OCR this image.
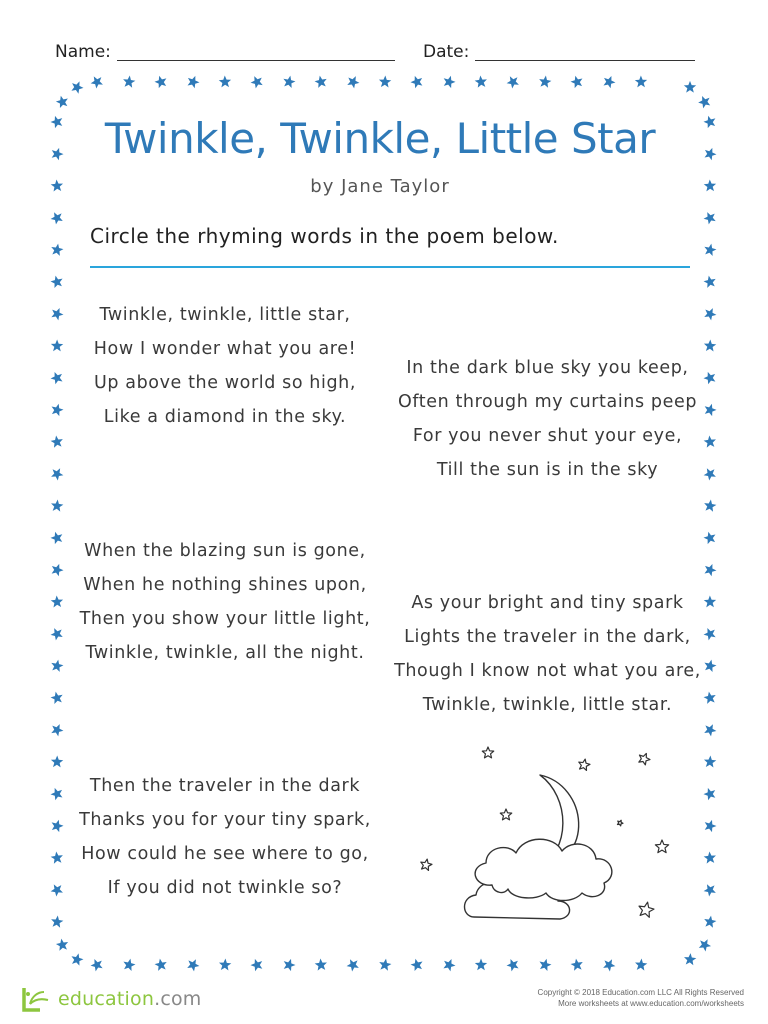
Name:	Date:
Twinkle, Twinkle, Little Star
by Jane Taylor
Circle the rhyming words in the poem below.
Twinkle, twinkle, little star,
How I wonder what you are!
Up above the world so high,
Like a diamond in the sky.
In the dark blue sky you keep,
Often through my curtains peep
For you never shut your eye,
Till the sun is in the sky
When the blazing sun is gone,
When he nothing shines upon,
Then you show your little light,
Twinkle, twinkle, all the night.
As your bright and tiny spark
Lights the traveler in the dark,
Though I know not what you are,
Twinkle, twinkle, little star.
Then the traveler in the dark
Thanks you for your tiny spark,
How could he see where to go,
If you did not twinkle so?
education.com	Copyright © 2018 Education.com LLC All Rights Reserved
More worksheets at www.education.com/worksheets
